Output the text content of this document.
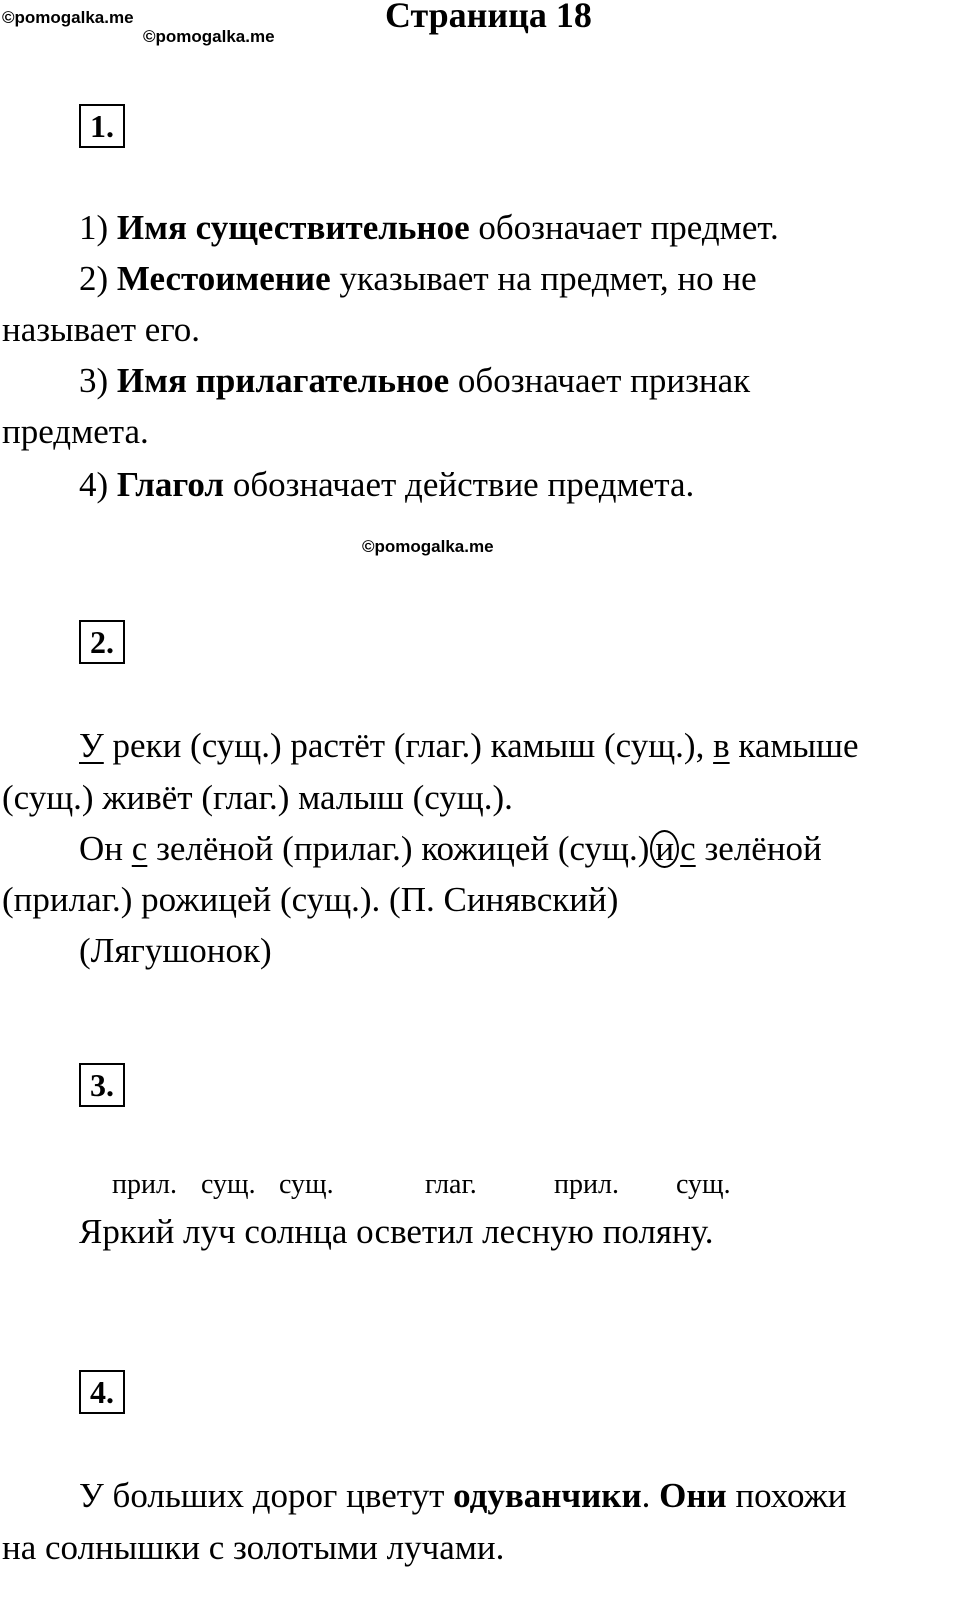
©pomogalka.me
©pomogalka.me
Страница 18
1.
1) Имя существительное обозначает предмет.
2) Местоимение указывает на предмет, но не
называет его.
3) Имя прилагательное обозначает признак
предмета.
4) Глагол обозначает действие предмета.
©pomogalka.me
2.
У реки (сущ.) растёт (глаг.) камыш (сущ.), в камыше
(сущ.) живёт (глаг.) малыш (сущ.).
Он с зелёной (прилаг.) кожицей (сущ.) и с зелёной
(прилаг.) рожицей (сущ.). (П. Синявский)
(Лягушонок)
3.
прил. сущ. сущ.	глаг.	прил. сущ.
Яркий луч солнца осветил лесную поляну.
4.
У больших дорог цветут одуванчики. Они похожи
на солнышки с золотыми лучами.
